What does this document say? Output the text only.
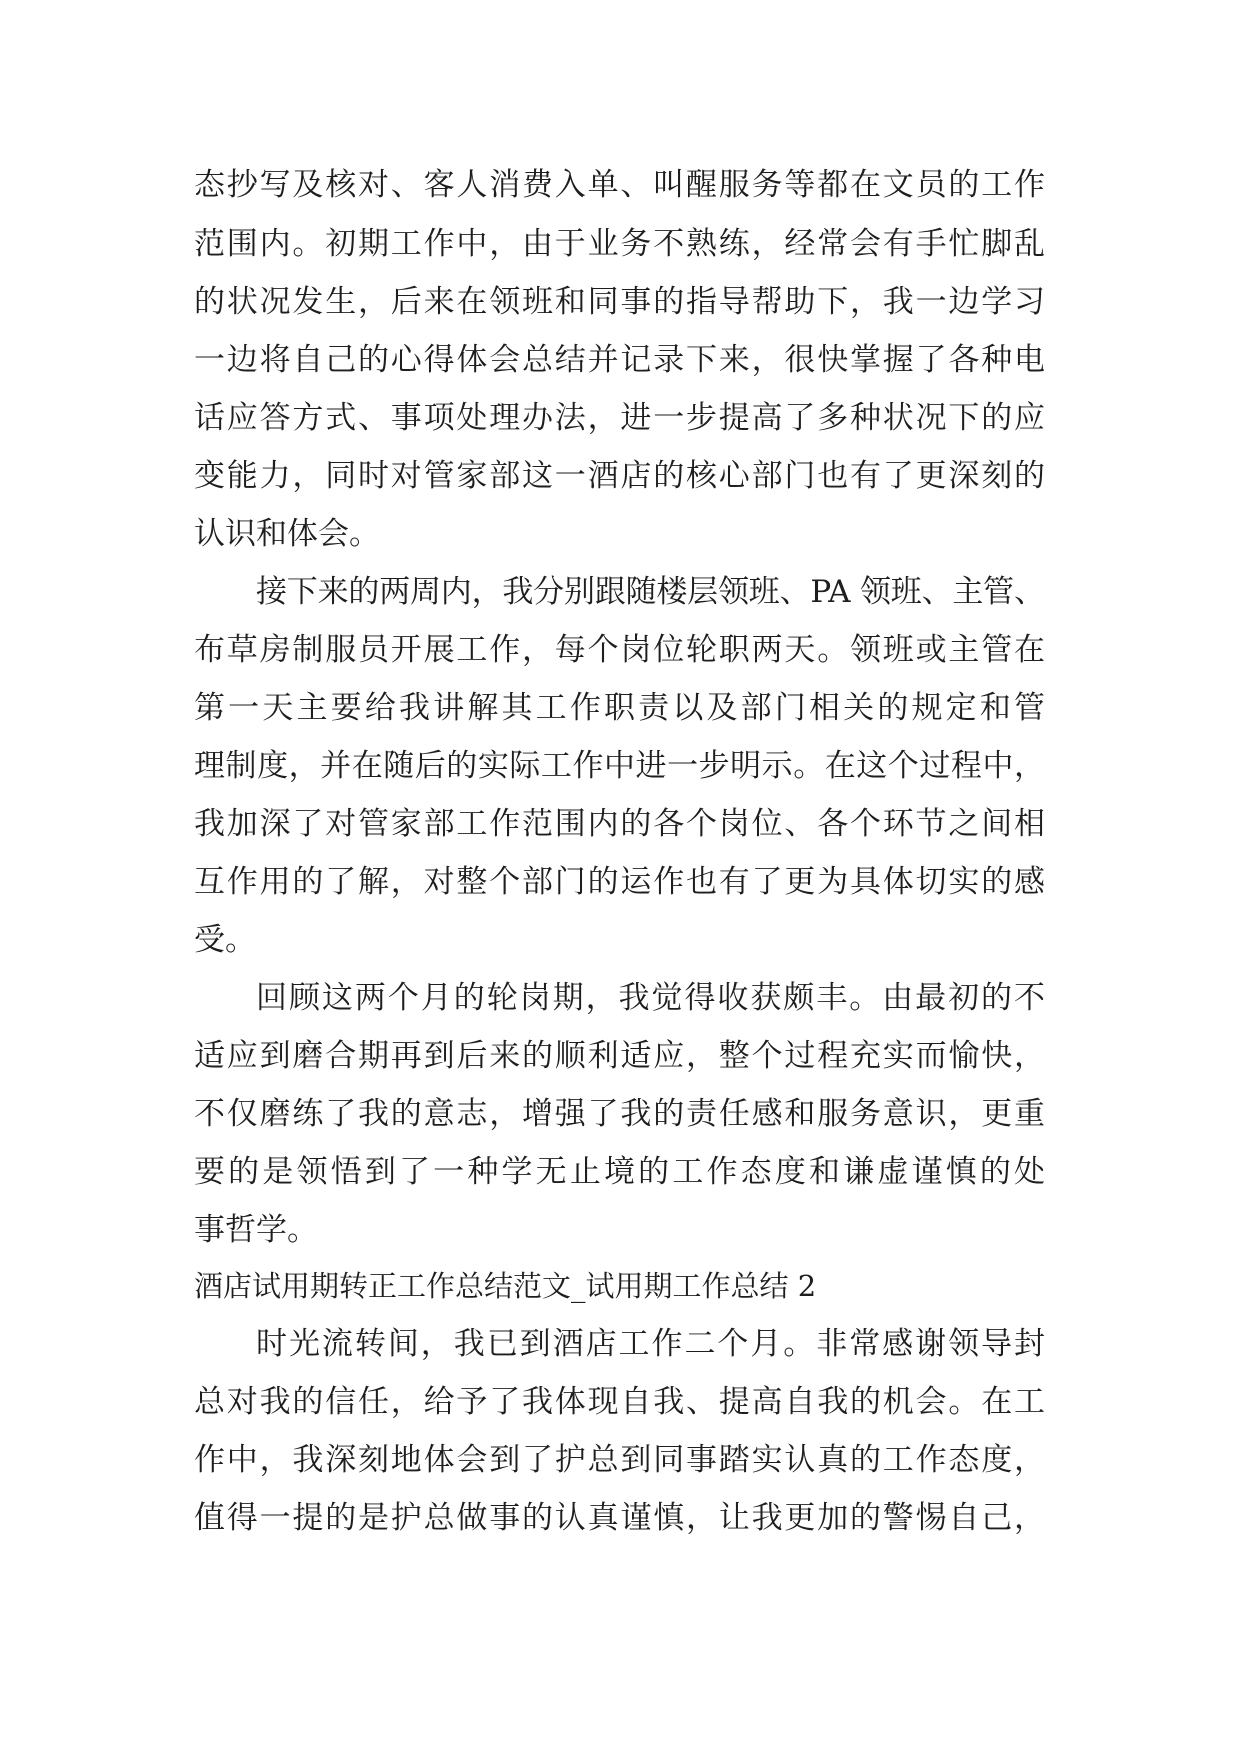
态抄写及核对、客人消费入单、叫醒服务等都在文员的工作
范围内。初期工作中，由于业务不熟练，经常会有手忙脚乱
的状况发生，后来在领班和同事的指导帮助下，我一边学习
一边将自己的心得体会总结并记录下来，很快掌握了各种电
话应答方式、事项处理办法，进一步提高了多种状况下的应
变能力，同时对管家部这一酒店的核心部门也有了更深刻的
认识和体会。
接下来的两周内，我分别跟随楼层领班、PA 领班、主管、
布草房制服员开展工作，每个岗位轮职两天。领班或主管在
第一天主要给我讲解其工作职责以及部门相关的规定和管
理制度，并在随后的实际工作中进一步明示。在这个过程中，
我加深了对管家部工作范围内的各个岗位、各个环节之间相
互作用的了解，对整个部门的运作也有了更为具体切实的感
受。
回顾这两个月的轮岗期，我觉得收获颇丰。由最初的不
适应到磨合期再到后来的顺利适应，整个过程充实而愉快，
不仅磨练了我的意志，增强了我的责任感和服务意识，更重
要的是领悟到了一种学无止境的工作态度和谦虚谨慎的处
事哲学。
酒店试用期转正工作总结范文_试用期工作总结 2
时光流转间，我已到酒店工作二个月。非常感谢领导封
总对我的信任，给予了我体现自我、提高自我的机会。在工
作中，我深刻地体会到了护总到同事踏实认真的工作态度，
值得一提的是护总做事的认真谨慎，让我更加的警惕自己，
